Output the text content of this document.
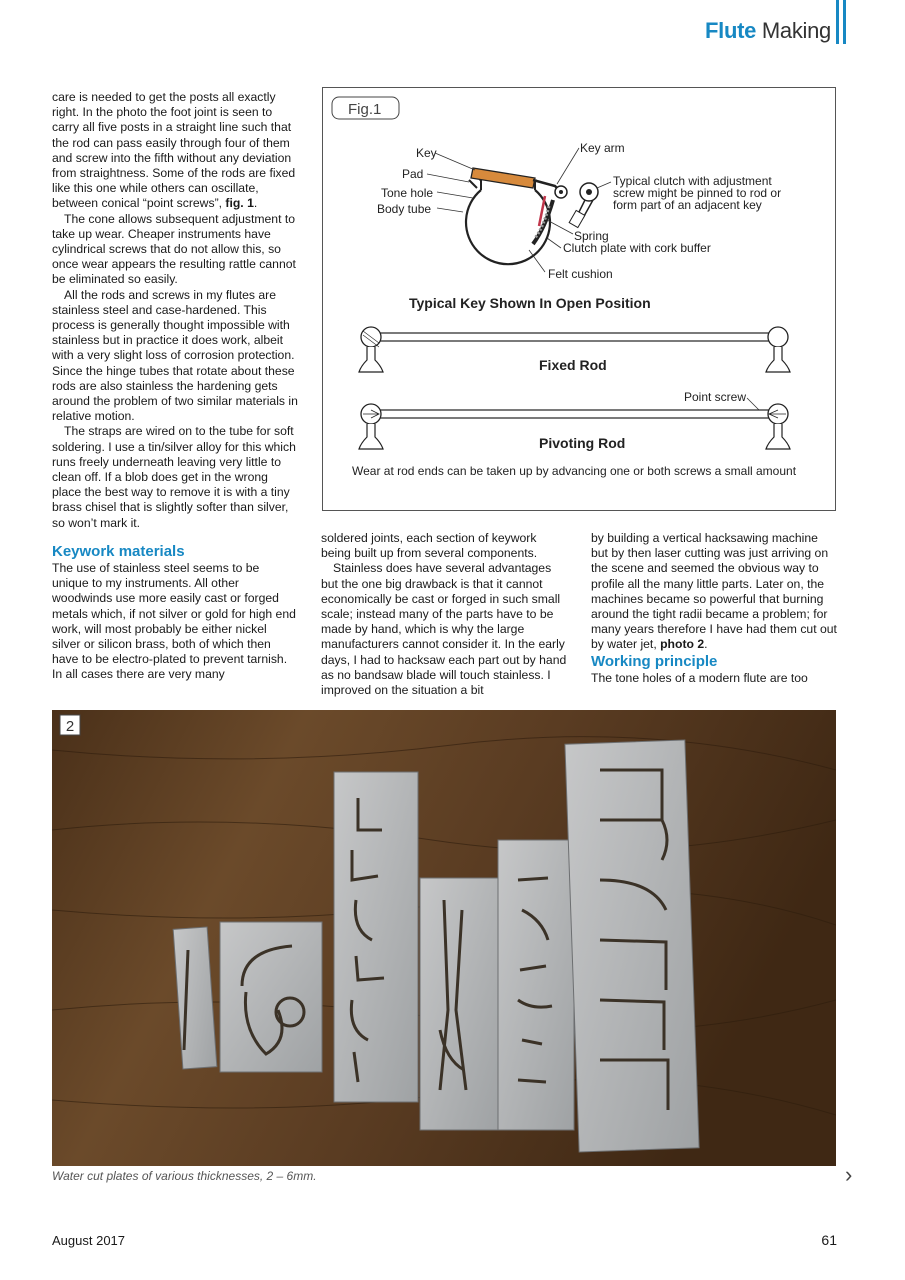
Flute Making

care is needed to get the posts all exactly right. In the photo the foot joint is seen to carry all five posts in a straight line such that the rod can pass easily through four of them and screw into the fifth without any deviation from straightness. Some of the rods are fixed like this one while others can oscillate, between conical “point screws”, fig. 1.

The cone allows subsequent adjustment to take up wear. Cheaper instruments have cylindrical screws that do not allow this, so once wear appears the resulting rattle cannot be eliminated so easily.

All the rods and screws in my flutes are stainless steel and case-hardened. This process is generally thought impossible with stainless but in practice it does work, albeit with a very slight loss of corrosion protection. Since the hinge tubes that rotate about these rods are also stainless the hardening gets around the problem of two similar materials in relative motion.

The straps are wired on to the tube for soft soldering. I use a tin/silver alloy for this which runs freely underneath leaving very little to clean off. If a blob does get in the wrong place the best way to remove it is with a tiny brass chisel that is slightly softer than silver, so won’t mark it.

Keywork materials

The use of stainless steel seems to be unique to my instruments. All other woodwinds use more easily cast or forged metals which, if not silver or gold for high end work, will most probably be either nickel silver or silicon brass, both of which then have to be electro-plated to prevent tarnish. In all cases there are very many

soldered joints, each section of keywork being built up from several components.

Stainless does have several advantages but the one big drawback is that it cannot economically be cast or forged in such small scale; instead many of the parts have to be made by hand, which is why the large manufacturers cannot consider it. In the early days, I had to hacksaw each part out by hand as no bandsaw blade will touch stainless. I improved on the situation a bit

by building a vertical hacksawing machine but by then laser cutting was just arriving on the scene and seemed the obvious way to profile all the many little parts. Later on, the machines became so powerful that burning around the tight radii became a problem; for many years therefore I have had them cut out by water jet, photo 2.

Working principle

The tone holes of a modern flute are too

Fig.1
Key
Pad
Tone hole
Body tube
Key arm
Typical clutch with adjustment
screw might be pinned to rod or
form part of an adjacent key
Spring
Clutch plate with cork buffer
Felt cushion
Typical Key Shown In Open Position
Fixed Rod
Point screw
Pivoting Rod
Wear at rod ends can be taken up by advancing one or both screws a small amount
2
Water cut plates of various thicknesses, 2 – 6mm.	›
August 2017	61
